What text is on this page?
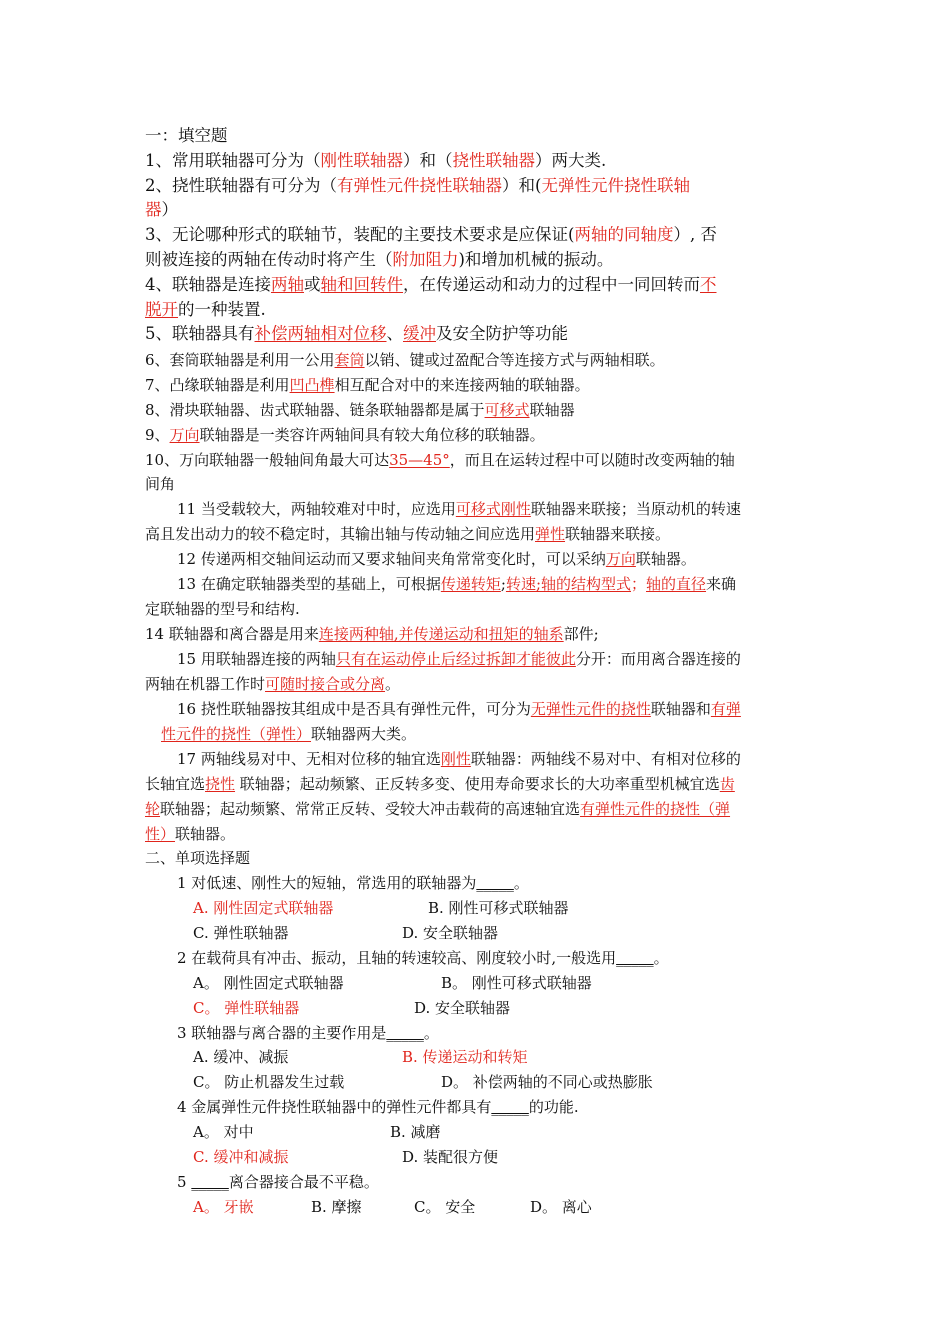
一：填空题
1、常用联轴器可分为（刚性联轴器）和（挠性联轴器）两大类.
2、挠性联轴器有可分为（有弹性元件挠性联轴器）和(无弹性元件挠性联轴
器）
3、无论哪种形式的联轴节，装配的主要技术要求是应保证(两轴的同轴度）, 否
则被连接的两轴在传动时将产生（附加阻力)和增加机械的振动。
4、联轴器是连接两轴或轴和回转件，在传递运动和动力的过程中一同回转而不
脱开的一种装置.
5、联轴器具有补偿两轴相对位移、缓冲及安全防护等功能
6、套筒联轴器是利用一公用套筒以销、键或过盈配合等连接方式与两轴相联。
7、凸缘联轴器是利用凹凸榫相互配合对中的来连接两轴的联轴器。
8、滑块联轴器、齿式联轴器、链条联轴器都是属于可移式联轴器
9、万向联轴器是一类容许两轴间具有较大角位移的联轴器。
10、万向联轴器一般轴间角最大可达35—45°，而且在运转过程中可以随时改变两轴的轴
间角
11 当受载较大，两轴较难对中时，应选用可移式刚性联轴器来联接；当原动机的转速
高且发出动力的较不稳定时，其输出轴与传动轴之间应选用弹性联轴器来联接。
12 传递两相交轴间运动而又要求轴间夹角常常变化时，可以采纳万向联轴器。
13 在确定联轴器类型的基础上，可根据传递转矩;转速;轴的结构型式；轴的直径来确
定联轴器的型号和结构.
14 联轴器和离合器是用来连接两种轴,并传递运动和扭矩的轴系部件;
15 用联轴器连接的两轴只有在运动停止后经过拆卸才能彼此分开：而用离合器连接的
两轴在机器工作时可随时接合或分离。
16 挠性联轴器按其组成中是否具有弹性元件，可分为无弹性元件的挠性联轴器和有弹
性元件的挠性（弹性）联轴器两大类。
17 两轴线易对中、无相对位移的轴宜选刚性联轴器：两轴线不易对中、有相对位移的
长轴宜选挠性 联轴器；起动频繁、正反转多变、使用寿命要求长的大功率重型机械宜选齿
轮联轴器；起动频繁、常常正反转、受较大冲击载荷的高速轴宜选有弹性元件的挠性（弹
性）联轴器。
二、单项选择题
1 对低速、刚性大的短轴，常选用的联轴器为_____。
A. 刚性固定式联轴器	B. 刚性可移式联轴器
C. 弹性联轴器	D. 安全联轴器
2 在载荷具有冲击、振动，且轴的转速较高、刚度较小时,一般选用_____。
A。 刚性固定式联轴器	B。 刚性可移式联轴器
C。 弹性联轴器	D. 安全联轴器
3 联轴器与离合器的主要作用是_____。
A. 缓冲、减振	B. 传递运动和转矩
C。 防止机器发生过载	D。 补偿两轴的不同心或热膨胀
4 金属弹性元件挠性联轴器中的弹性元件都具有_____的功能.
A。 对中	B. 减磨
C. 缓冲和减振	D. 装配很方便
5 _____离合器接合最不平稳。
A。 牙嵌	B. 摩擦	C。 安全	D。 离心
